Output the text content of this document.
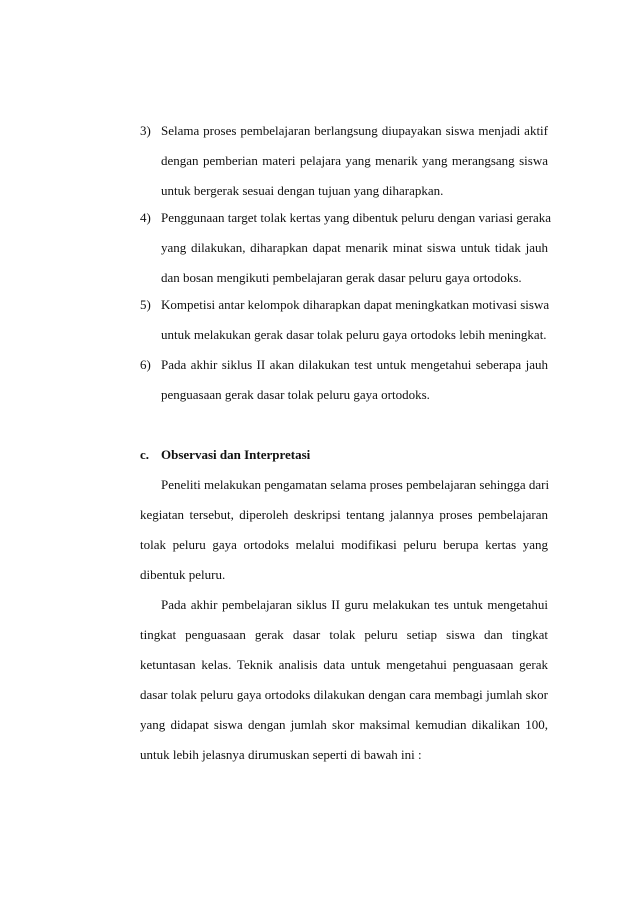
3) Selama proses pembelajaran berlangsung diupayakan siswa menjadi aktif
dengan pemberian materi pelajara yang menarik yang merangsang siswa
untuk bergerak sesuai dengan tujuan yang diharapkan.
4) Penggunaan target tolak kertas yang dibentuk peluru dengan variasi geraka
yang dilakukan, diharapkan dapat menarik minat siswa untuk tidak jauh
dan bosan mengikuti pembelajaran gerak dasar peluru gaya ortodoks.
5) Kompetisi antar kelompok diharapkan dapat meningkatkan motivasi siswa
untuk melakukan gerak dasar tolak peluru gaya ortodoks lebih meningkat.
6) Pada akhir siklus II akan dilakukan test untuk mengetahui seberapa jauh
penguasaan gerak dasar tolak peluru gaya ortodoks.
c. Observasi dan Interpretasi
Peneliti melakukan pengamatan selama proses pembelajaran sehingga dari
kegiatan tersebut, diperoleh deskripsi tentang jalannya proses pembelajaran
tolak peluru gaya ortodoks melalui modifikasi peluru berupa kertas yang
dibentuk peluru.
Pada akhir pembelajaran siklus II guru melakukan tes untuk mengetahui
tingkat penguasaan gerak dasar tolak peluru setiap siswa dan tingkat
ketuntasan kelas. Teknik analisis data untuk mengetahui penguasaan gerak
dasar tolak peluru gaya ortodoks dilakukan dengan cara membagi jumlah skor
yang didapat siswa dengan jumlah skor maksimal kemudian dikalikan 100,
untuk lebih jelasnya dirumuskan seperti di bawah ini :
